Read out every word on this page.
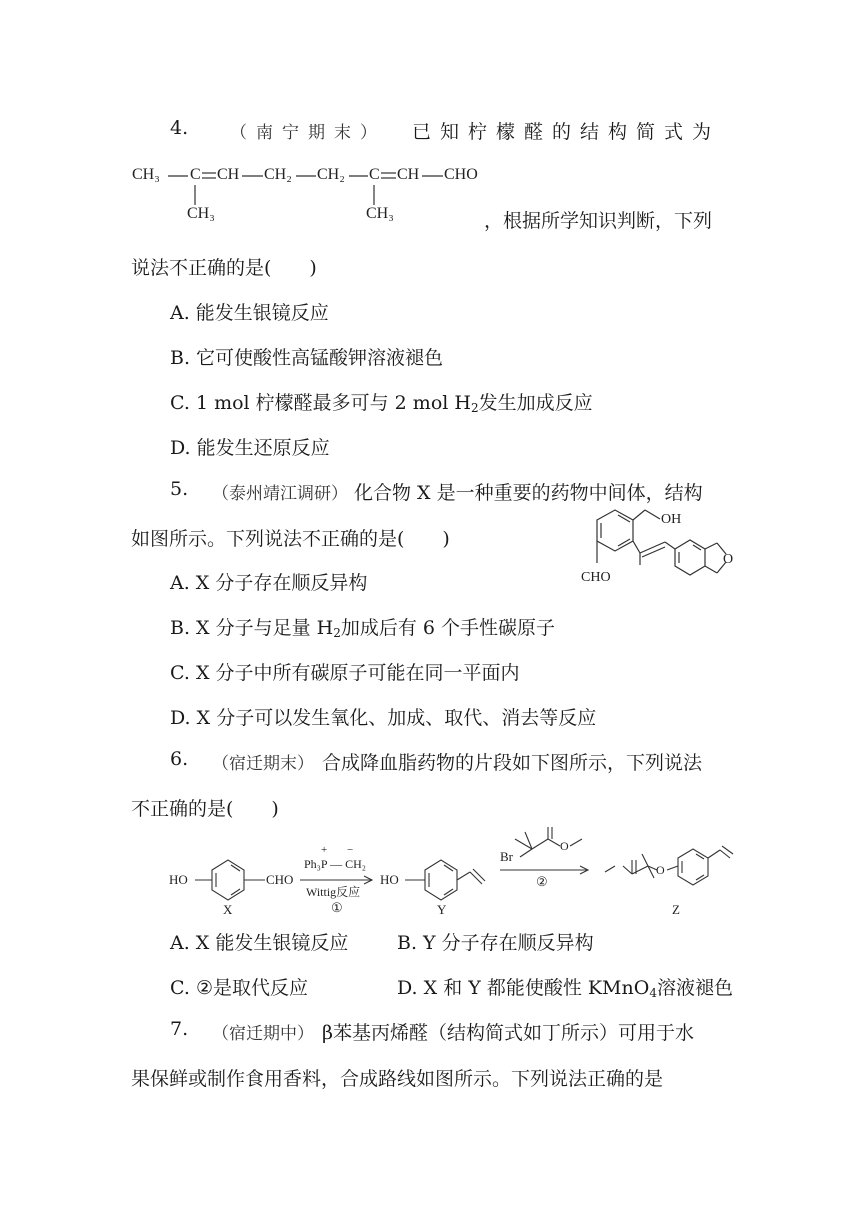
4. （南宁期末） 已知柠檬醛的结构简式为
CH₃ C CH CH₂ CH₂ C CH CHO
CH₃	CH₃	，根据所学知识判断，下列
说法不正确的是(　　)
A. 能发生银镜反应
B. 它可使酸性高锰酸钾溶液褪色
C. 1 mol 柠檬醛最多可与 2 mol $H_2$发生加成反应
D. 能发生还原反应
5. （泰州靖江调研） 化合物 X 是一种重要的药物中间体，结构
如图所示。下列说法不正确的是(　　)
OH
CHO
O
A. X 分子存在顺反异构
B. X 分子与足量 $H_2$加成后有 6 个手性碳原子
C. X 分子中所有碳原子可能在同一平面内
D. X 分子可以发生氧化、加成、取代、消去等反应
6. （宿迁期末） 合成降血脂药物的片段如下图所示，下列说法
不正确的是(　　)
HO	CHO
+ −
Ph₃P — CH₂
Wittig反应
①
HO
Br
O
②
O
X	Y	Z
A. X 能发生银镜反应	B. Y 分子存在顺反异构
C. ②是取代反应	D. X 和 Y 都能使酸性 KMnO$_4$溶液褪色
7. （宿迁期中） β苯基丙烯醛（结构简式如丁所示）可用于水
果保鲜或制作食用香料，合成路线如图所示。下列说法正确的是
